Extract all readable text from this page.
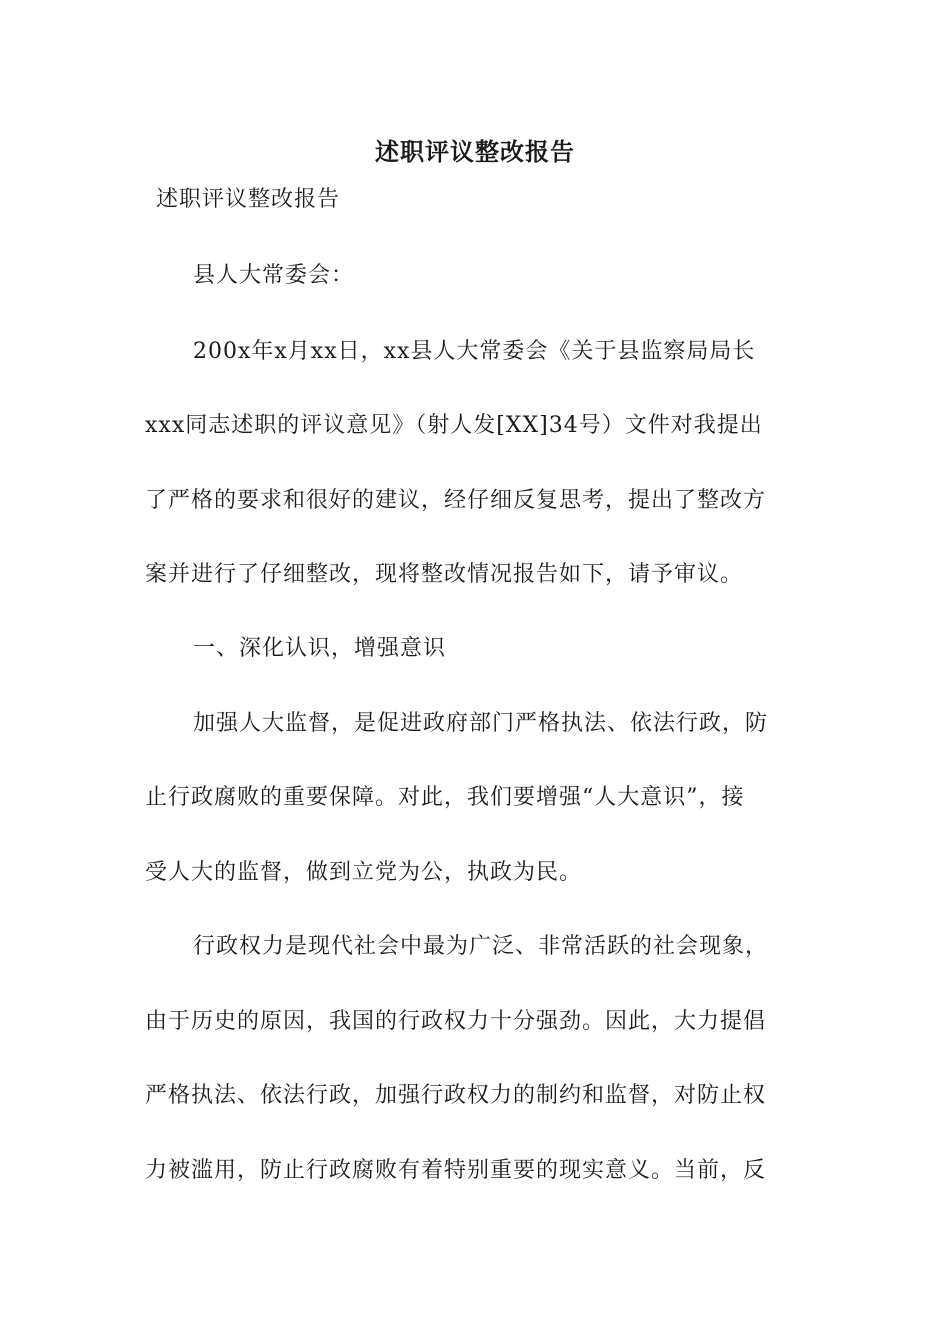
述职评议整改报告
述职评议整改报告
县人大常委会：
200x年x月xx日，xx县人大常委会《关于县监察局局长
xxx同志述职的评议意见》（射人发[XX]34号）文件对我提出
了严格的要求和很好的建议，经仔细反复思考，提出了整改方
案并进行了仔细整改，现将整改情况报告如下，请予审议。
一、深化认识，增强意识
加强人大监督，是促进政府部门严格执法、依法行政，防
止行政腐败的重要保障。对此，我们要增强“人大意识”，接
受人大的监督，做到立党为公，执政为民。
行政权力是现代社会中最为广泛、非常活跃的社会现象，
由于历史的原因，我国的行政权力十分强劲。因此，大力提倡
严格执法、依法行政，加强行政权力的制约和监督，对防止权
力被滥用，防止行政腐败有着特别重要的现实意义。当前，反
